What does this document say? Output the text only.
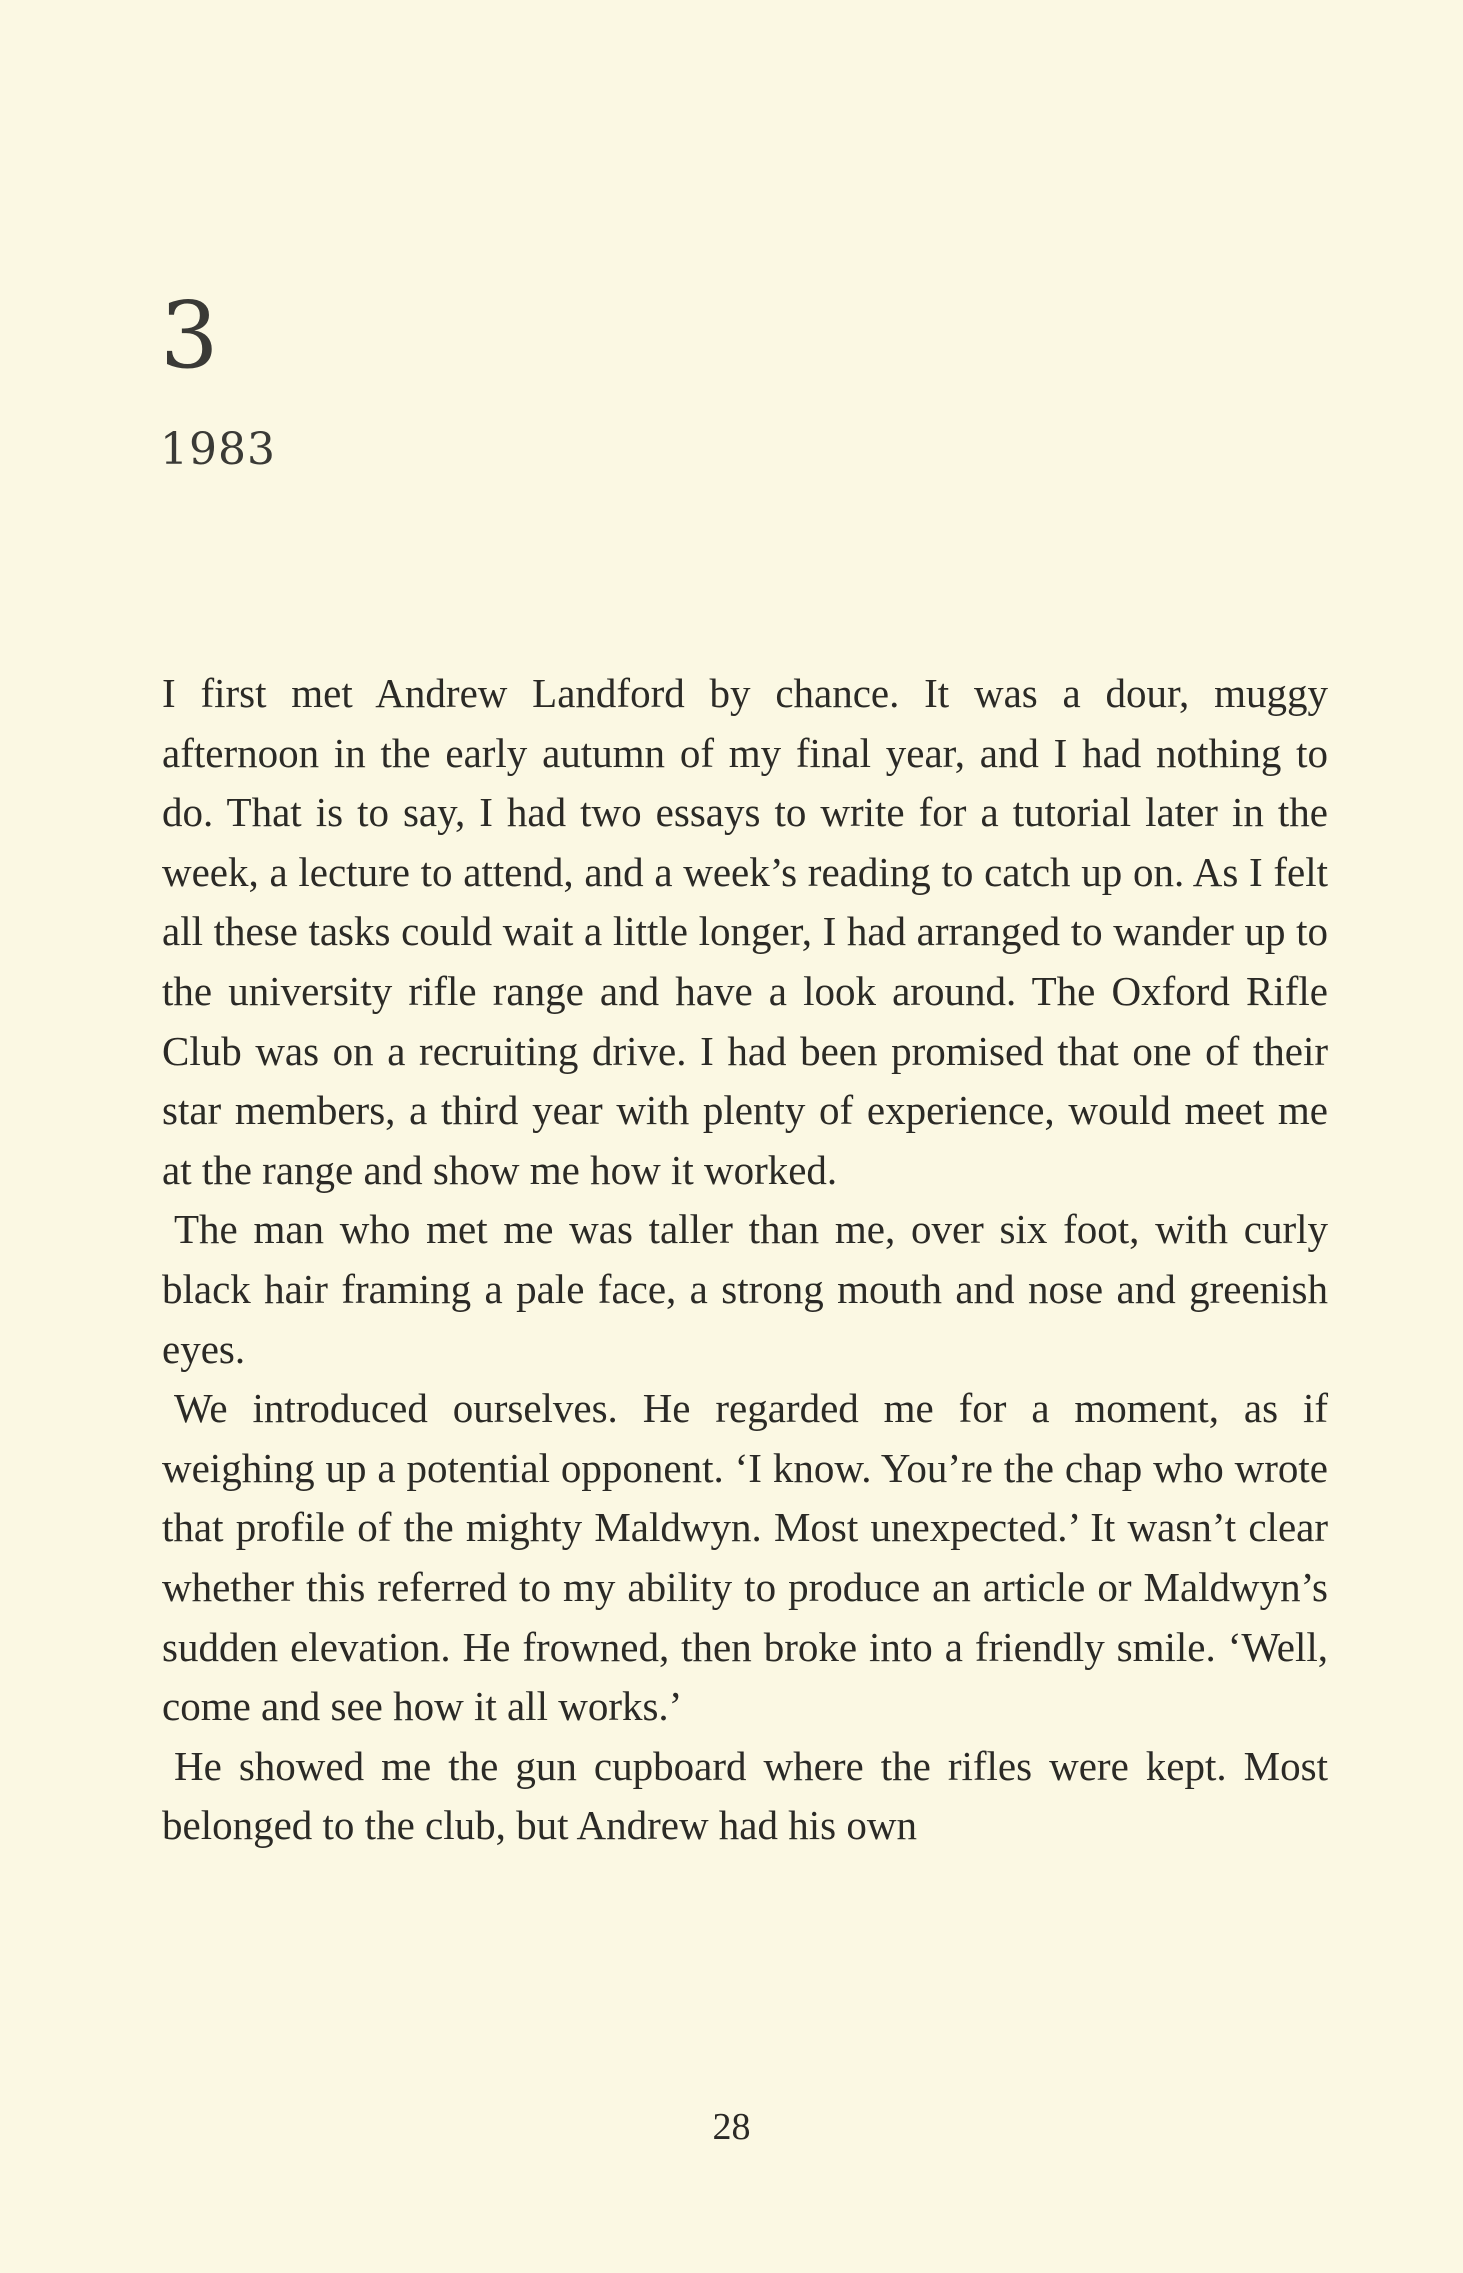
3
1983

I first met Andrew Landford by chance. It was a dour, muggy afternoon in the early autumn of my final year, and I had nothing to do. That is to say, I had two essays to write for a tutorial later in the week, a lecture to attend, and a week’s reading to catch up on. As I felt all these tasks could wait a little longer, I had arranged to wander up to the university rifle range and have a look around. The Oxford Rifle Club was on a recruiting drive. I had been promised that one of their star members, a third year with plenty of experience, would meet me at the range and show me how it worked.

The man who met me was taller than me, over six foot, with curly black hair framing a pale face, a strong mouth and nose and greenish eyes.

We introduced ourselves. He regarded me for a moment, as if weighing up a potential opponent. ‘I know. You’re the chap who wrote that profile of the mighty Maldwyn. Most unexpected.’ It wasn’t clear whether this referred to my ability to produce an article or Maldwyn’s sudden elevation. He frowned, then broke into a friendly smile. ‘Well, come and see how it all works.’

He showed me the gun cupboard where the rifles were kept. Most belonged to the club, but Andrew had his own

28
